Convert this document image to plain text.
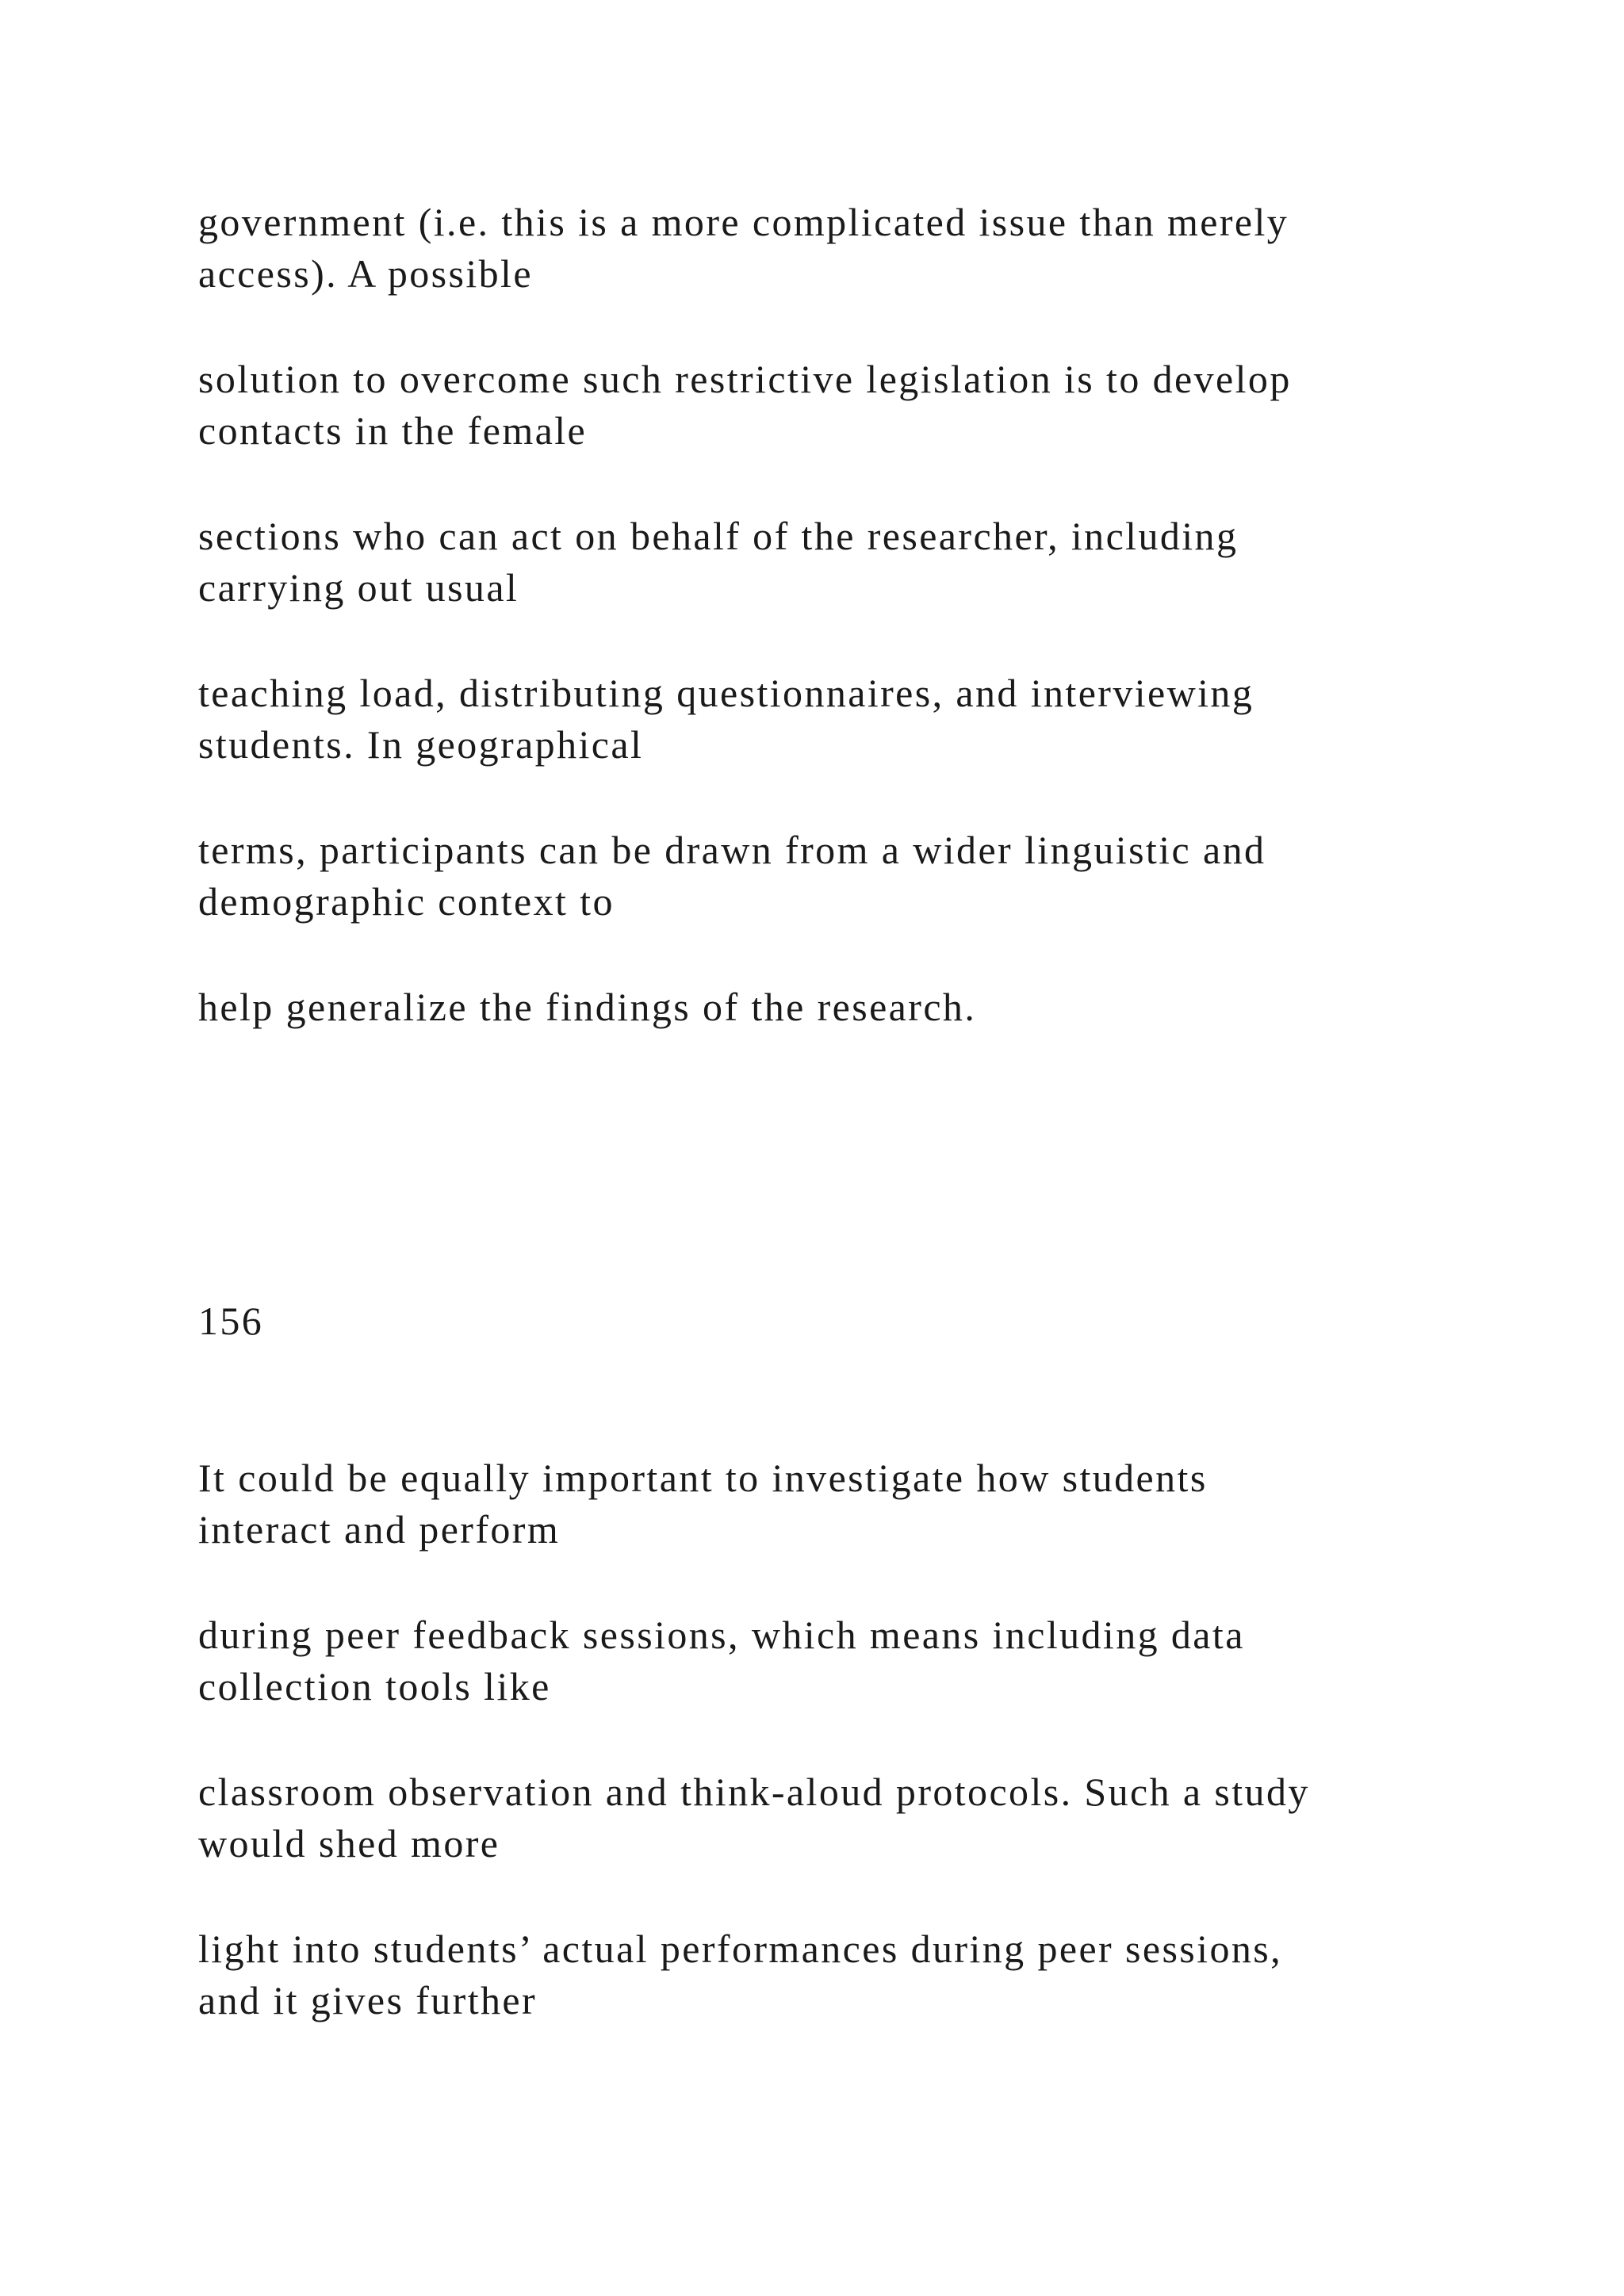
government (i.e. this is a more complicated issue than merely

access). A possible

solution to overcome such restrictive legislation is to develop

contacts in the female

sections who can act on behalf of the researcher, including

carrying out usual

teaching load, distributing questionnaires, and interviewing

students. In geographical

terms, participants can be drawn from a wider linguistic and

demographic context to

help generalize the findings of the research.

156

It could be equally important to investigate how students

interact and perform

during peer feedback sessions, which means including data

collection tools like

classroom observation and think-aloud protocols. Such a study

would shed more

light into students’ actual performances during peer sessions,

and it gives further
